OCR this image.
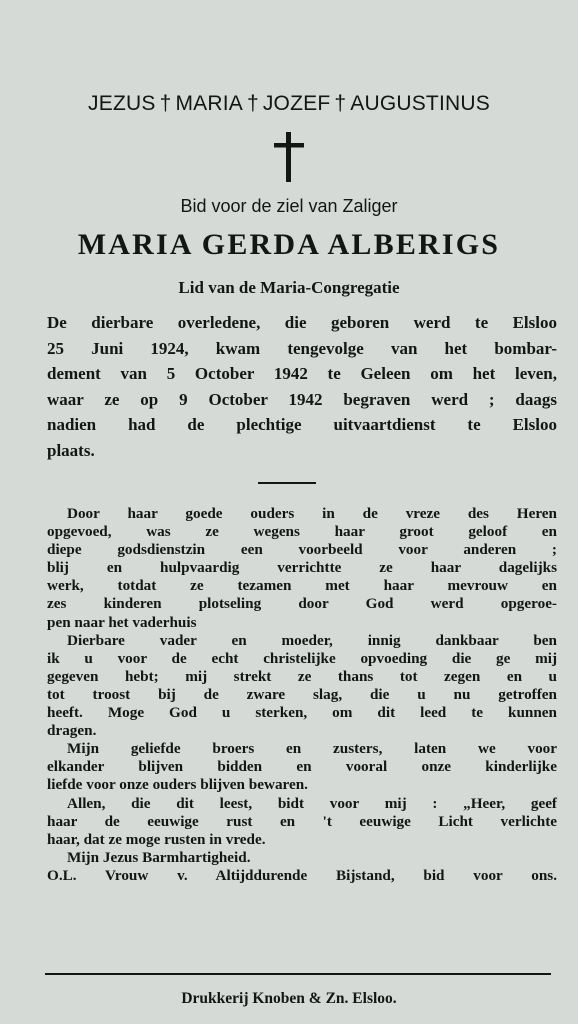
JEZUS † MARIA † JOZEF † AUGUSTINUS
Bid voor de ziel van Zaliger
MARIA GERDA ALBERIGS
Lid van de Maria-Congregatie
De dierbare overledene, die geboren werd te Elsloo
25 Juni 1924, kwam tengevolge van het bombar-
dement van 5 October 1942 te Geleen om het leven,
waar ze op 9 October 1942 begraven werd ; daags
nadien had de plechtige uitvaartdienst te Elsloo
plaats.
Door haar goede ouders in de vreze des Heren
opgevoed, was ze wegens haar groot geloof en
diepe godsdienstzin een voorbeeld voor anderen ;
blij en hulpvaardig verrichtte ze haar dagelijks
werk, totdat ze tezamen met haar mevrouw en
zes kinderen plotseling door God werd opgeroe-
pen naar het vaderhuis
Dierbare vader en moeder, innig dankbaar ben
ik u voor de echt christelijke opvoeding die ge mij
gegeven hebt; mij strekt ze thans tot zegen en u
tot troost bij de zware slag, die u nu getroffen
heeft. Moge God u sterken, om dit leed te kunnen
dragen.
Mijn geliefde broers en zusters, laten we voor
elkander blijven bidden en vooral onze kinderlijke
liefde voor onze ouders blijven bewaren.
Allen, die dit leest, bidt voor mij : „Heer, geef
haar de eeuwige rust en 't eeuwige Licht verlichte
haar, dat ze moge rusten in vrede.
Mijn Jezus Barmhartigheid.
O.L. Vrouw v. Altijddurende Bijstand, bid voor ons.
Drukkerij Knoben & Zn. Elsloo.
